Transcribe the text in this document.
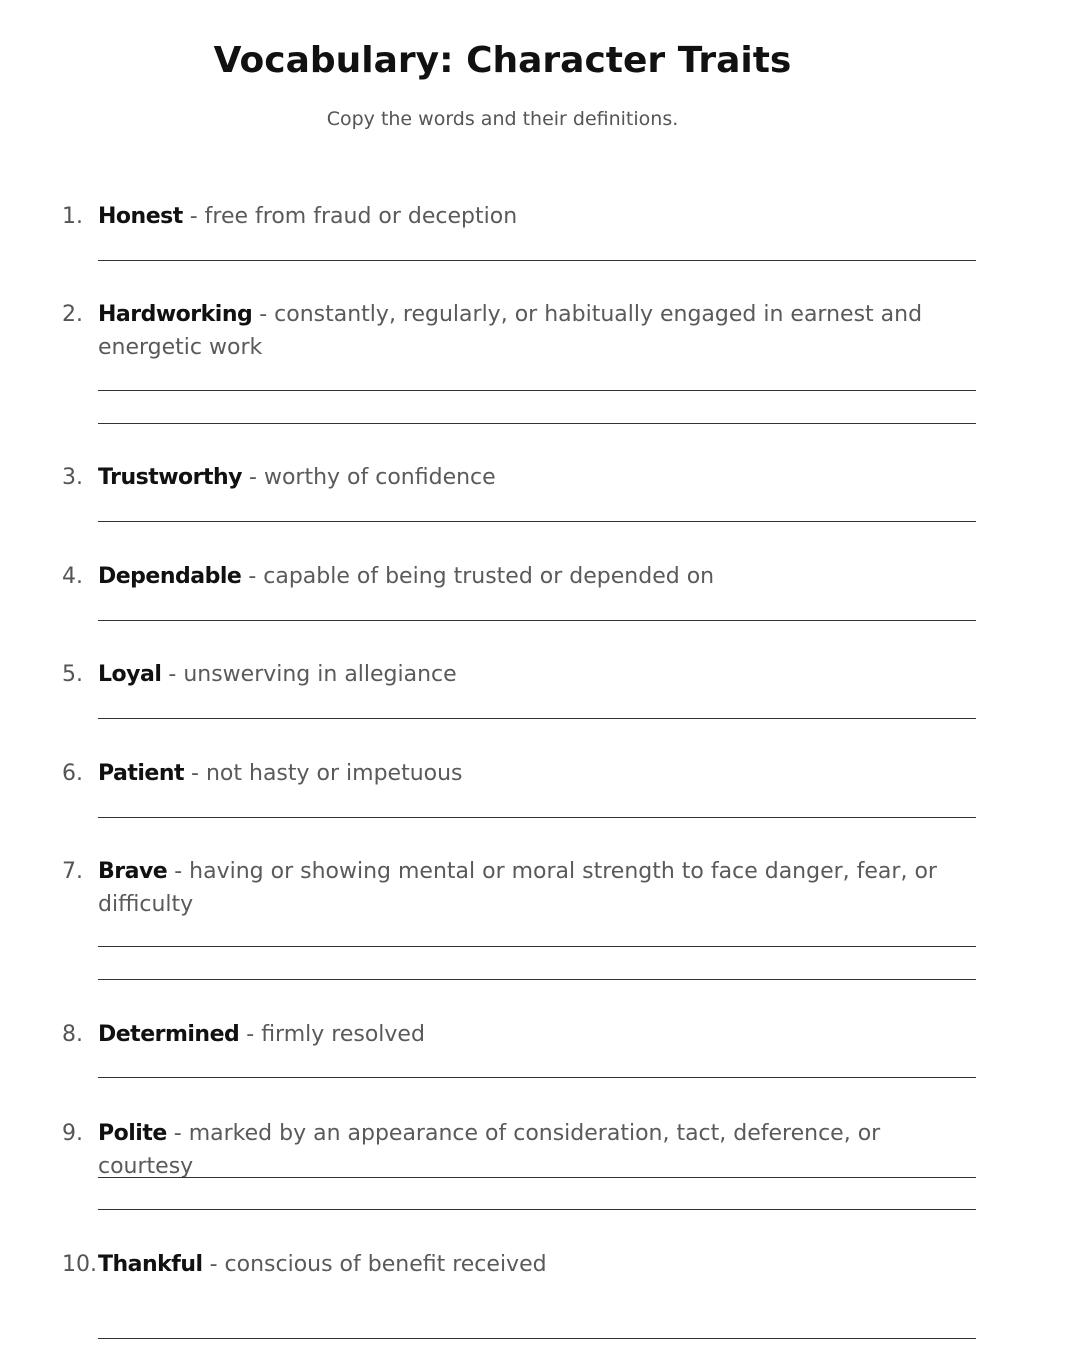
Vocabulary: Character Traits
Copy the words and their definitions.
1. Honest - free from fraud or deception
2. Hardworking - constantly, regularly, or habitually engaged in earnest and energetic work
3. Trustworthy - worthy of confidence
4. Dependable - capable of being trusted or depended on
5. Loyal - unswerving in allegiance
6. Patient - not hasty or impetuous
7. Brave - having or showing mental or moral strength to face danger, fear, or difficulty
8. Determined - firmly resolved
9. Polite - marked by an appearance of consideration, tact, deference, or courtesy
10. Thankful - conscious of benefit received
